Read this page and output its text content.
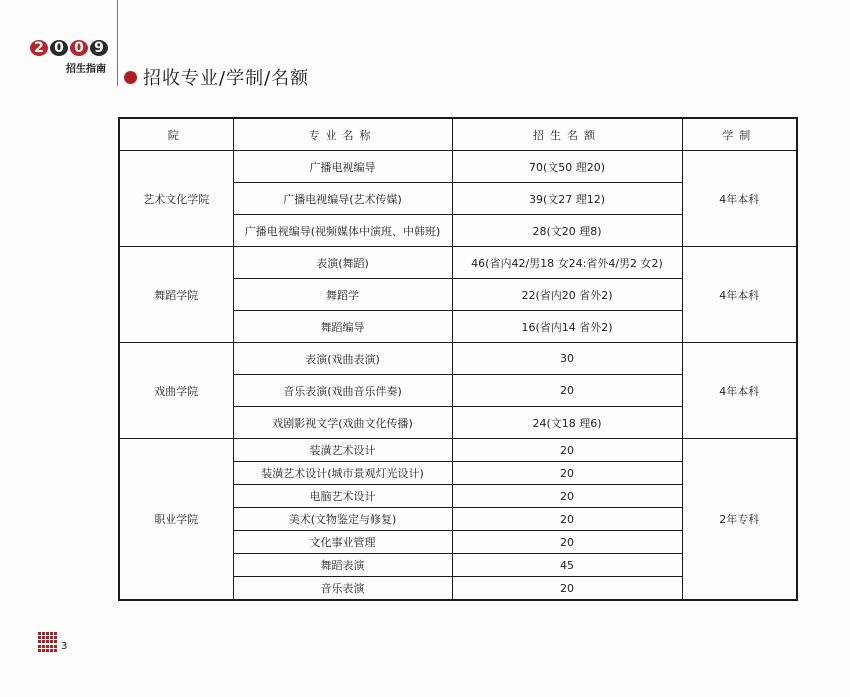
2 0 0 9
招生指南 招收专业/学制/名额
院	专业名称	招生名额	学制
艺术文化学院	广播电视编导	70(文50 理20)	4年本科
	广播电视编导(艺术传媒)	39(文27 理12)	
	广播电视编导(视频媒体中演班、中韩班)	28(文20 理8)	
舞蹈学院	表演(舞蹈)	46(省内42/男18 女24:省外4/男2 女2)	4年本科
	舞蹈学	22(省内20 省外2)	
	舞蹈编导	16(省内14 省外2)	
戏曲学院	表演(戏曲表演)	30	4年本科
	音乐表演(戏曲音乐伴奏)	20	
	戏剧影视文学(戏曲文化传播)	24(文18 理6)	
职业学院	装潢艺术设计	20	2年专科
	装潢艺术设计(城市景观灯光设计)	20	
	电脑艺术设计	20	
	美术(文物鉴定与修复)	20	
	文化事业管理	20	
	舞蹈表演	45	
	音乐表演	20	
3
